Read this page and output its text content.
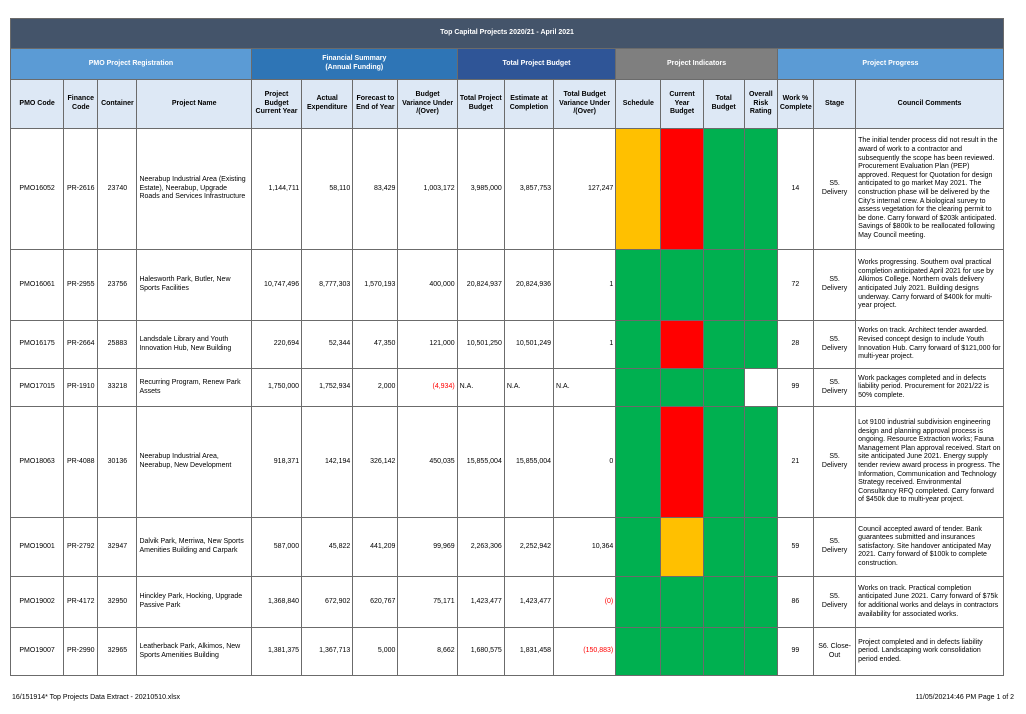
Top Capital Projects 2020/21 - April 2021																	
PMO Project Registration				Financial Summary
(Annual Funding)				Total Project Budget			Project Indicators				Project Progress		
PMO Code	Finance Code	Container	Project Name	Project Budget Current Year	Actual Expenditure	Forecast to End of Year	Budget Variance Under /(Over)	Total Project Budget	Estimate at Completion	Total Budget Variance Under /(Over)	Schedule	Current Year Budget	Total Budget	Overall Risk Rating	Work % Complete	Stage	Council Comments
PMO16052	PR-2616	23740	Neerabup Industrial Area (Existing Estate), Neerabup, Upgrade Roads and Services Infrastructure	1,144,711	58,110	83,429	1,003,172	3,985,000	3,857,753	127,247					14	S5. Delivery	The initial tender process did not result in the award of work to a contractor and subsequently the scope has been reviewed. Procurement Evaluation Plan (PEP) approved. Request for Quotation for design anticipated to go market May 2021. The construction phase will be delivered by the City's internal crew. A biological survey to assess vegetation for the clearing permit to be done. Carry forward of $203k anticipated. Savings of $800k to be reallocated following May Council meeting.
PMO16061	PR-2955	23756	Halesworth Park, Butler, New Sports Facilities	10,747,496	8,777,303	1,570,193	400,000	20,824,937	20,824,936	1					72	S5. Delivery	Works progressing. Southern oval practical completion anticipated April 2021 for use by Alkimos College. Northern ovals delivery anticipated July 2021. Building designs underway. Carry forward of $400k for multi-year project.
PMO16175	PR-2664	25883	Landsdale Library and Youth Innovation Hub, New Building	220,694	52,344	47,350	121,000	10,501,250	10,501,249	1					28	S5. Delivery	Works on track. Architect tender awarded. Revised concept design to include Youth Innovation Hub. Carry forward of $121,000 for multi-year project.
PMO17015	PR-1910	33218	Recurring Program, Renew Park Assets	1,750,000	1,752,934	2,000	(4,934)	N.A.	N.A.	N.A.					99	S5. Delivery	Work packages completed and in defects liability period. Procurement for 2021/22 is 50% complete.
PMO18063	PR-4088	30136	Neerabup Industrial Area, Neerabup, New Development	918,371	142,194	326,142	450,035	15,855,004	15,855,004	0					21	S5. Delivery	Lot 9100 industrial subdivision engineering design and planning approval process is ongoing. Resource Extraction works; Fauna Management Plan approval received. Start on site anticipated June 2021. Energy supply tender review award process in progress. The Information, Communication and Technology Strategy received. Environmental Consultancy RFQ completed. Carry forward of $450k due to multi-year project.
PMO19001	PR-2792	32947	Dalvik Park, Merriwa, New Sports Amenities Building and Carpark	587,000	45,822	441,209	99,969	2,263,306	2,252,942	10,364					59	S5. Delivery	Council accepted award of tender. Bank guarantees submitted and insurances satisfactory. Site handover anticipated May 2021. Carry forward of $100k to complete construction.
PMO19002	PR-4172	32950	Hinckley Park, Hocking, Upgrade Passive Park	1,368,840	672,902	620,767	75,171	1,423,477	1,423,477	(0)					86	S5. Delivery	Works on track. Practical completion anticipated June 2021. Carry forward of $75k for additional works and delays in contractors availability for associated works.
PMO19007	PR-2990	32965	Leatherback Park, Alkimos, New Sports Amenities Building	1,381,375	1,367,713	5,000	8,662	1,680,575	1,831,458	(150,883)					99	S6. Close-Out	Project completed and in defects liability period. Landscaping work consolidation period ended.
16/151914* Top Projects Data Extract - 20210510.xlsx	11/05/20214:46 PM Page 1 of 2
